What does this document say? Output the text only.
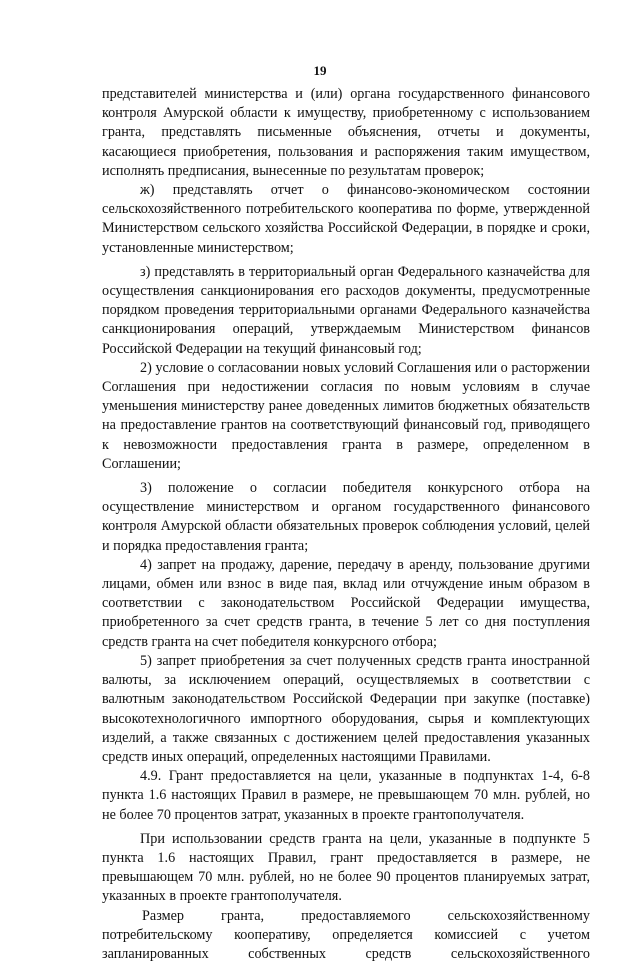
19

представителей министерства и (или) органа государственного финансового контроля Амурской области к имуществу, приобретенному с использованием гранта, представлять письменные объяснения, отчеты и документы, касающиеся приобретения, пользования и распоряжения таким имуществом, исполнять предписания, вынесенные по результатам проверок;

ж) представлять отчет о финансово-экономическом состоянии сельскохозяйственного потребительского кооператива по форме, утвержденной Министерством сельского хозяйства Российской Федерации, в порядке и сроки, установленные министерством;

з) представлять в территориальный орган Федерального казначейства для осуществления санкционирования его расходов документы, предусмотренные порядком проведения территориальными органами Федерального казначейства санкционирования операций, утверждаемым Министерством финансов Российской Федерации на текущий финансовый год;

2) условие о согласовании новых условий Соглашения или о расторжении Соглашения при недостижении согласия по новым условиям в случае уменьшения министерству ранее доведенных лимитов бюджетных обязательств на предоставление грантов на соответствующий финансовый год, приводящего к невозможности предоставления гранта в размере, определенном в Соглашении;

3) положение о согласии победителя конкурсного отбора на осуществление министерством и органом государственного финансового контроля Амурской области обязательных проверок соблюдения условий, целей и порядка предоставления гранта;

4) запрет на продажу, дарение, передачу в аренду, пользование другими лицами, обмен или взнос в виде пая, вклад или отчуждение иным образом в соответствии с законодательством Российской Федерации имущества, приобретенного за счет средств гранта, в течение 5 лет со дня поступления средств гранта на счет победителя конкурсного отбора;

5) запрет приобретения за счет полученных средств гранта иностранной валюты, за исключением операций, осуществляемых в соответствии с валютным законодательством Российской Федерации при закупке (поставке) высокотехнологичного импортного оборудования, сырья и комплектующих изделий, а также связанных с достижением целей предоставления указанных средств иных операций, определенных настоящими Правилами.

4.9. Грант предоставляется на цели, указанные в подпунктах 1-4, 6-8 пункта 1.6 настоящих Правил в размере, не превышающем 70 млн. рублей, но не более 70 процентов затрат, указанных в проекте грантополучателя.

При использовании средств гранта на цели, указанные в подпункте 5 пункта 1.6 настоящих Правил, грант предоставляется в размере, не превышающем 70 млн. рублей, но не более 90 процентов планируемых затрат, указанных в проекте грантополучателя.

Размер гранта, предоставляемого сельскохозяйственному потребительскому кооперативу, определяется комиссией с учетом запланированных собственных средств сельскохозяйственного
